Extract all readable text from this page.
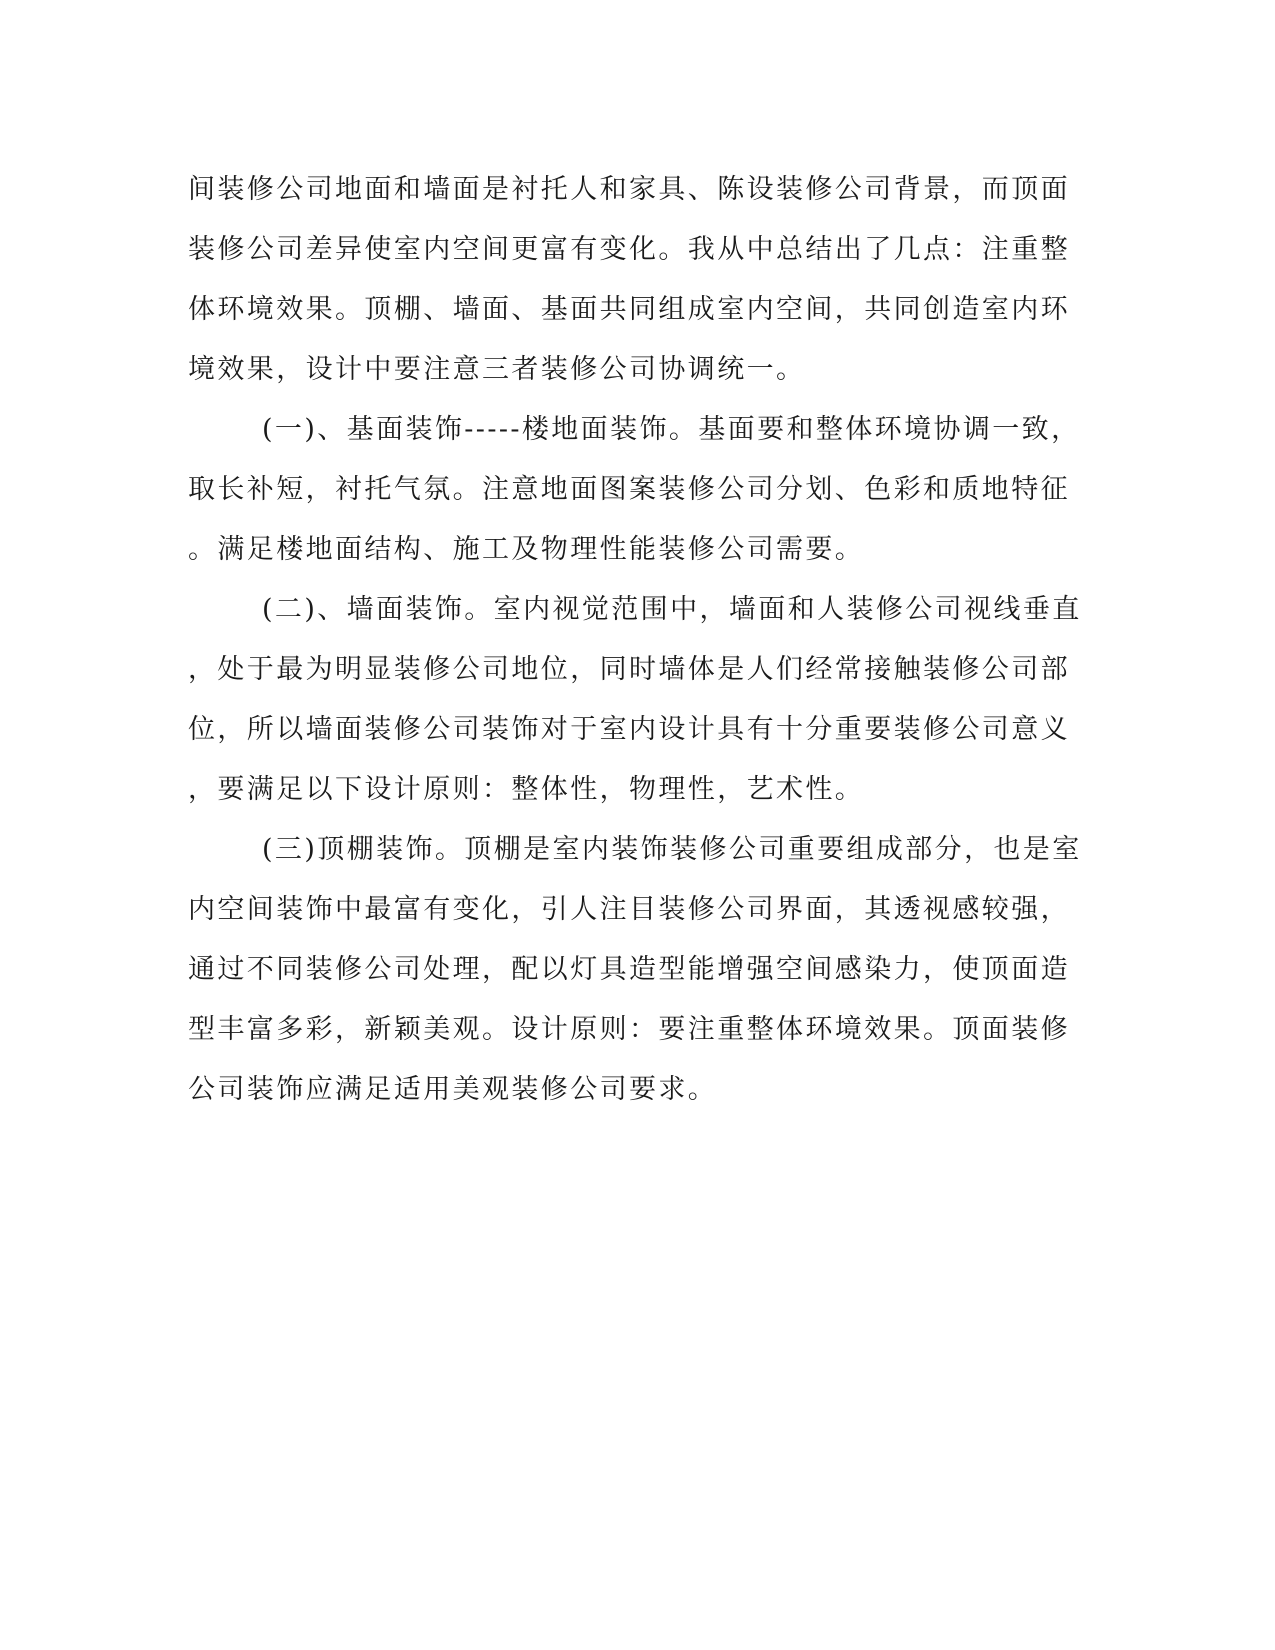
间装修公司地面和墙面是衬托人和家具、陈设装修公司背景，而顶面
装修公司差异使室内空间更富有变化。我从中总结出了几点：注重整
体环境效果。顶棚、墙面、基面共同组成室内空间，共同创造室内环
境效果，设计中要注意三者装修公司协调统一。
(一)、基面装饰-----楼地面装饰。基面要和整体环境协调一致，
取长补短，衬托气氛。注意地面图案装修公司分划、色彩和质地特征
。满足楼地面结构、施工及物理性能装修公司需要。
(二)、墙面装饰。室内视觉范围中，墙面和人装修公司视线垂直
，处于最为明显装修公司地位，同时墙体是人们经常接触装修公司部
位，所以墙面装修公司装饰对于室内设计具有十分重要装修公司意义
，要满足以下设计原则：整体性，物理性，艺术性。
(三)顶棚装饰。顶棚是室内装饰装修公司重要组成部分，也是室
内空间装饰中最富有变化，引人注目装修公司界面，其透视感较强，
通过不同装修公司处理，配以灯具造型能增强空间感染力，使顶面造
型丰富多彩，新颖美观。设计原则：要注重整体环境效果。顶面装修
公司装饰应满足适用美观装修公司要求。
